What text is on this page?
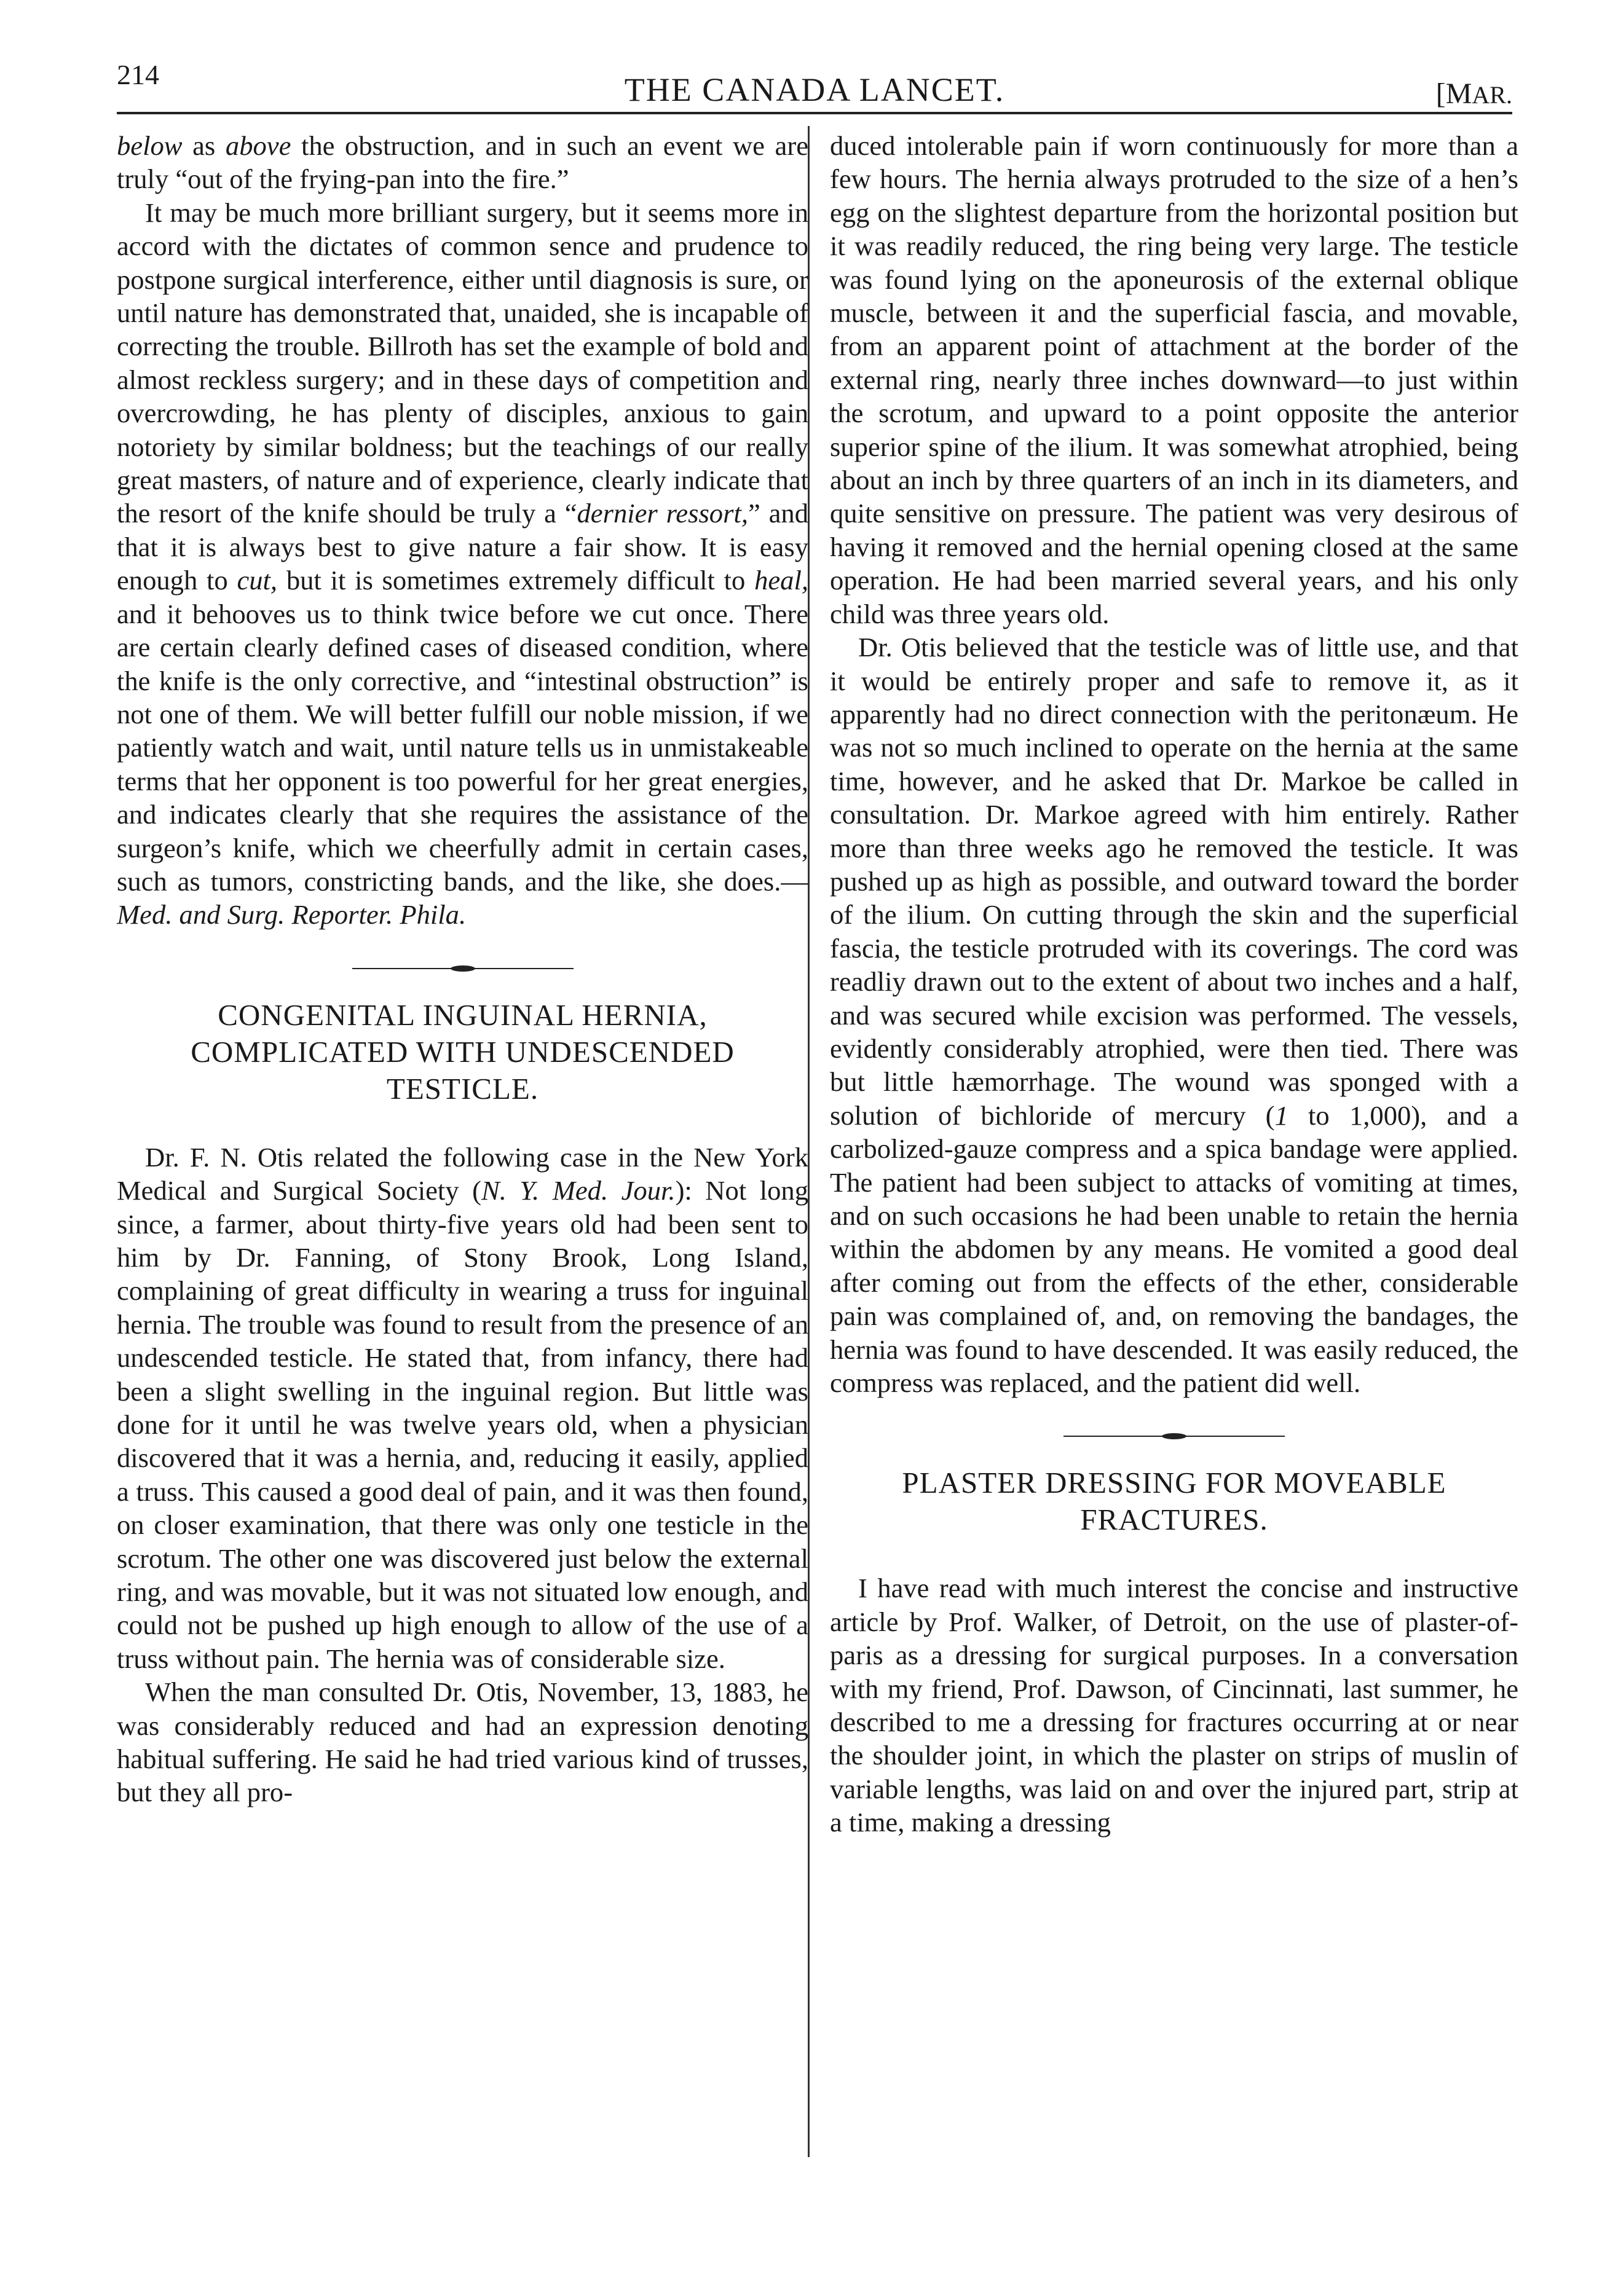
214	THE CANADA LANCET.	[MAR.

below as above the obstruction, and in such an event we are truly “out of the frying-pan into the fire.”

It may be much more brilliant surgery, but it seems more in accord with the dictates of common sence and prudence to postpone surgical interference, either until diagnosis is sure, or until nature has demonstrated that, unaided, she is incapable of correcting the trouble. Billroth has set the example of bold and almost reckless surgery; and in these days of competition and overcrowding, he has plenty of disciples, anxious to gain notoriety by similar boldness; but the teachings of our really great masters, of nature and of experience, clearly indicate that the resort of the knife should be truly a “dernier ressort,” and that it is always best to give nature a fair show. It is easy enough to cut, but it is sometimes extremely difficult to heal, and it behooves us to think twice before we cut once. There are certain clearly defined cases of diseased condition, where the knife is the only corrective, and “intestinal obstruction” is not one of them. We will better fulfill our noble mission, if we patiently watch and wait, until nature tells us in unmistakeable terms that her opponent is too powerful for her great energies, and indicates clearly that she requires the assistance of the surgeon’s knife, which we cheerfully admit in certain cases, such as tumors, constricting bands, and the like, she does.—Med. and Surg. Reporter. Phila.

CONGENITAL INGUINAL HERNIA, COMPLICATED WITH UNDESCENDED TESTICLE.

Dr. F. N. Otis related the following case in the New York Medical and Surgical Society (N. Y. Med. Jour.): Not long since, a farmer, about thirty-five years old had been sent to him by Dr. Fanning, of Stony Brook, Long Island, complaining of great difficulty in wearing a truss for inguinal hernia. The trouble was found to result from the presence of an undescended testicle. He stated that, from infancy, there had been a slight swelling in the inguinal region. But little was done for it until he was twelve years old, when a physician discovered that it was a hernia, and, reducing it easily, applied a truss. This caused a good deal of pain, and it was then found, on closer examination, that there was only one testicle in the scrotum. The other one was discovered just below the external ring, and was movable, but it was not situated low enough, and could not be pushed up high enough to allow of the use of a truss without pain. The hernia was of considerable size.

When the man consulted Dr. Otis, November, 13, 1883, he was considerably reduced and had an expression denoting habitual suffering. He said he had tried various kind of trusses, but they all pro-

duced intolerable pain if worn continuously for more than a few hours. The hernia always protruded to the size of a hen’s egg on the slightest departure from the horizontal position but it was readily reduced, the ring being very large. The testicle was found lying on the aponeurosis of the external oblique muscle, between it and the superficial fascia, and movable, from an apparent point of attachment at the border of the external ring, nearly three inches downward—to just within the scrotum, and upward to a point opposite the anterior superior spine of the ilium. It was somewhat atrophied, being about an inch by three quarters of an inch in its diameters, and quite sensitive on pressure. The patient was very desirous of having it removed and the hernial opening closed at the same operation. He had been married several years, and his only child was three years old.

Dr. Otis believed that the testicle was of little use, and that it would be entirely proper and safe to remove it, as it apparently had no direct connection with the peritonæum. He was not so much inclined to operate on the hernia at the same time, however, and he asked that Dr. Markoe be called in consultation. Dr. Markoe agreed with him entirely. Rather more than three weeks ago he removed the testicle. It was pushed up as high as possible, and outward toward the border of the ilium. On cutting through the skin and the superficial fascia, the testicle protruded with its coverings. The cord was readliy drawn out to the extent of about two inches and a half, and was secured while excision was performed. The vessels, evidently considerably atrophied, were then tied. There was but little hæmorrhage. The wound was sponged with a solution of bichloride of mercury (1 to 1,000), and a carbolized-gauze compress and a spica bandage were applied. The patient had been subject to attacks of vomiting at times, and on such occasions he had been unable to retain the hernia within the abdomen by any means. He vomited a good deal after coming out from the effects of the ether, considerable pain was complained of, and, on removing the bandages, the hernia was found to have descended. It was easily reduced, the compress was replaced, and the patient did well.

PLASTER DRESSING FOR MOVEABLE FRACTURES.

I have read with much interest the concise and instructive article by Prof. Walker, of Detroit, on the use of plaster-of-paris as a dressing for surgical purposes. In a conversation with my friend, Prof. Dawson, of Cincinnati, last summer, he described to me a dressing for fractures occurring at or near the shoulder joint, in which the plaster on strips of muslin of variable lengths, was laid on and over the injured part, strip at a time, making a dressing
